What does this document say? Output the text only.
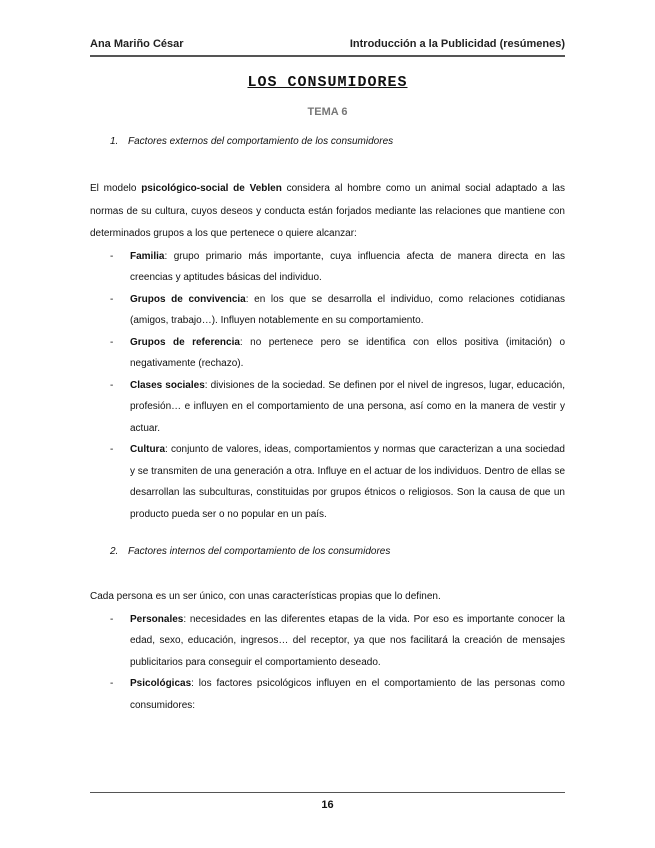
Ana Mariño César	Introducción a la Publicidad (resúmenes)
LOS CONSUMIDORES
TEMA 6
1. Factores externos del comportamiento de los consumidores

El modelo psicológico-social de Veblen considera al hombre como un animal social adaptado a las normas de su cultura, cuyos deseos y conducta están forjados mediante las relaciones que mantiene con determinados grupos a los que pertenece o quiere alcanzar:

- Familia: grupo primario más importante, cuya influencia afecta de manera directa en las creencias y aptitudes básicas del individuo.
- Grupos de convivencia: en los que se desarrolla el individuo, como relaciones cotidianas (amigos, trabajo…). Influyen notablemente en su comportamiento.
- Grupos de referencia: no pertenece pero se identifica con ellos positiva (imitación) o negativamente (rechazo).
- Clases sociales: divisiones de la sociedad. Se definen por el nivel de ingresos, lugar, educación, profesión… e influyen en el comportamiento de una persona, así como en la manera de vestir y actuar.
- Cultura: conjunto de valores, ideas, comportamientos y normas que caracterizan a una sociedad y se transmiten de una generación a otra. Influye en el actuar de los individuos. Dentro de ellas se desarrollan las subculturas, constituidas por grupos étnicos o religiosos. Son la causa de que un producto pueda ser o no popular en un país.
2. Factores internos del comportamiento de los consumidores

Cada persona es un ser único, con unas características propias que lo definen.

- Personales: necesidades en las diferentes etapas de la vida. Por eso es importante conocer la edad, sexo, educación, ingresos… del receptor, ya que nos facilitará la creación de mensajes publicitarios para conseguir el comportamiento deseado.
- Psicológicas: los factores psicológicos influyen en el comportamiento de las personas como consumidores:
16
